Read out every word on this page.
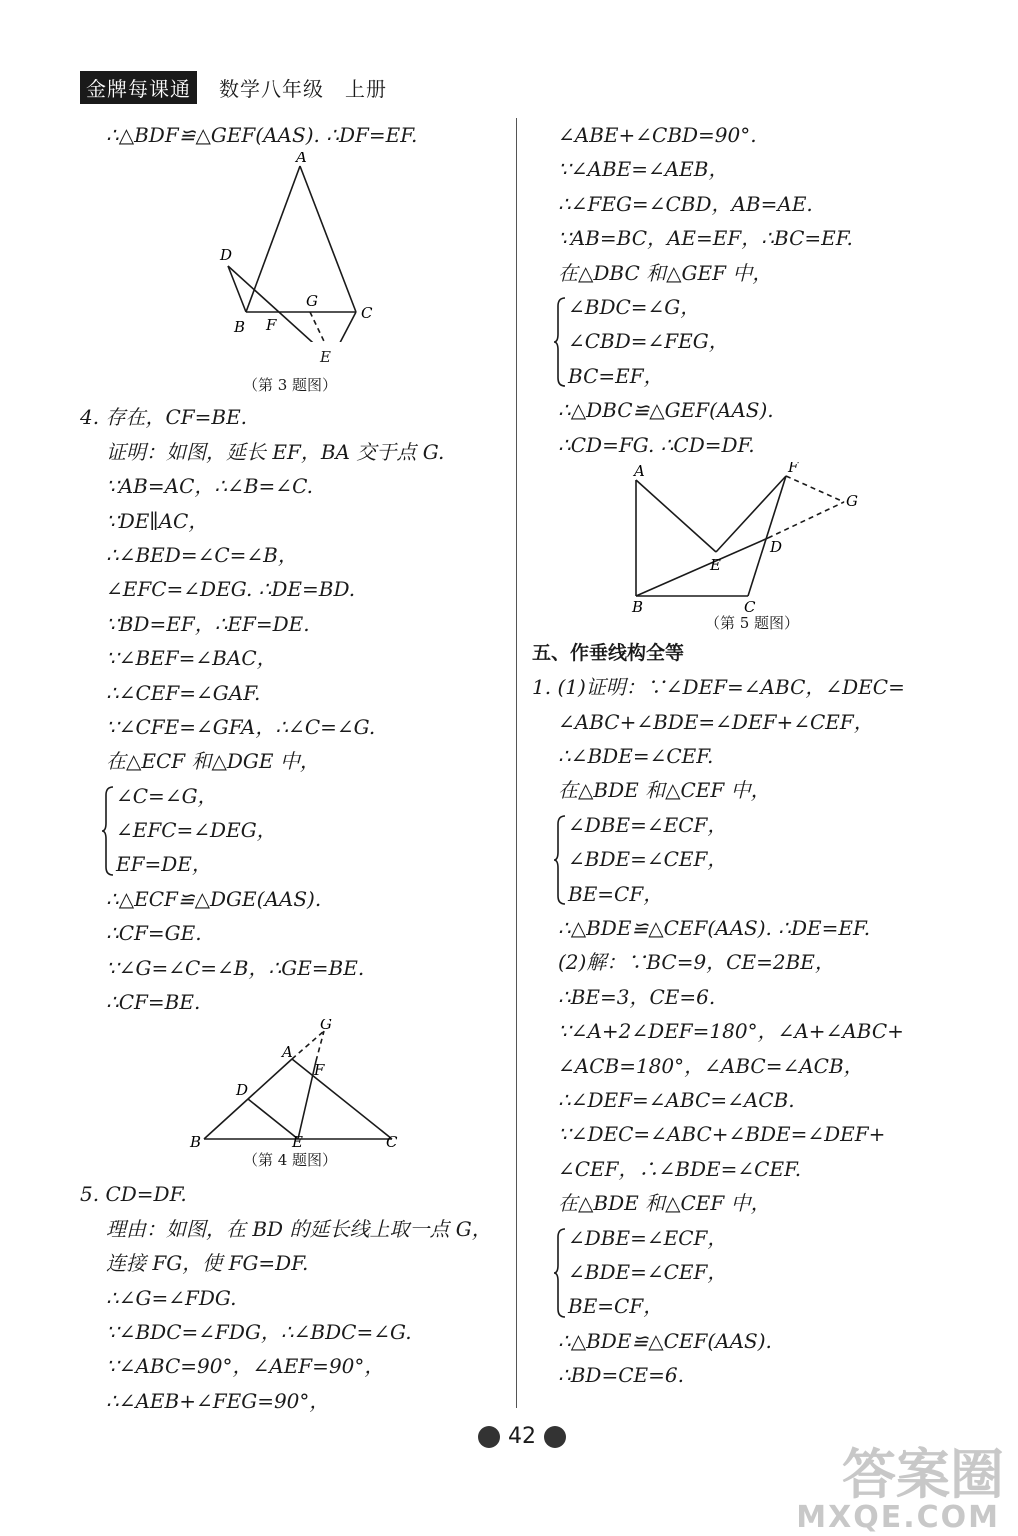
金牌每课通	数学八年级　上册
∴△BDF≌△GEF(AAS). ∴DF=EF.
A
D
G
C
B F
E
（第 3 题图）
4. 存在，CF=BE.
证明：如图，延长 EF，BA 交于点 G.
∵AB=AC，∴∠B=∠C.
∵DE∥AC，
∴∠BED=∠C=∠B，
∠EFC=∠DEG. ∴DE=BD.
∵BD=EF，∴EF=DE.
∵∠BEF=∠BAC，
∴∠CEF=∠GAF.
∵∠CFE=∠GFA，∴∠C=∠G.
在△ECF 和△DGE 中，
∠C=∠G，
∠EFC=∠DEG，
EF=DE，
∴△ECF≌△DGE(AAS).
∴CF=GE.
∵∠G=∠C=∠B，∴GE=BE.
∴CF=BE.
G
A
F
D
B	E	C
（第 4 题图）
5. CD=DF.
理由：如图，在 BD 的延长线上取一点 G，
连接 FG，使 FG=DF.
∴∠G=∠FDG.
∵∠BDC=∠FDG，∴∠BDC=∠G.
∵∠ABC=90°，∠AEF=90°，
∴∠AEB+∠FEG=90°，
∠ABE+∠CBD=90°.
∵∠ABE=∠AEB，
∴∠FEG=∠CBD，AB=AE.
∵AB=BC，AE=EF，∴BC=EF.
在△DBC 和△GEF 中，
∠BDC=∠G，
∠CBD=∠FEG，
BC=EF，
∴△DBC≌△GEF(AAS).
∴CD=FG. ∴CD=DF.
A	F
G
D
E
B	C
（第 5 题图）
五、作垂线构全等
1. (1)证明：∵∠DEF=∠ABC，∠DEC=
∠ABC+∠BDE=∠DEF+∠CEF，
∴∠BDE=∠CEF.
在△BDE 和△CEF 中，
∠DBE=∠ECF，
∠BDE=∠CEF，
BE=CF，
∴△BDE≌△CEF(AAS). ∴DE=EF.
(2)解：∵BC=9，CE=2BE，
∴BE=3，CE=6.
∵∠A+2∠DEF=180°，∠A+∠ABC+
∠ACB=180°，∠ABC=∠ACB，
∴∠DEF=∠ABC=∠ACB.
∵∠DEC=∠ABC+∠BDE=∠DEF+
∠CEF，∴∠BDE=∠CEF.
在△BDE 和△CEF 中，
∠DBE=∠ECF，
∠BDE=∠CEF，
BE=CF，
∴△BDE≌△CEF(AAS).
∴BD=CE=6.
42
答案圈
MXQE.COM
